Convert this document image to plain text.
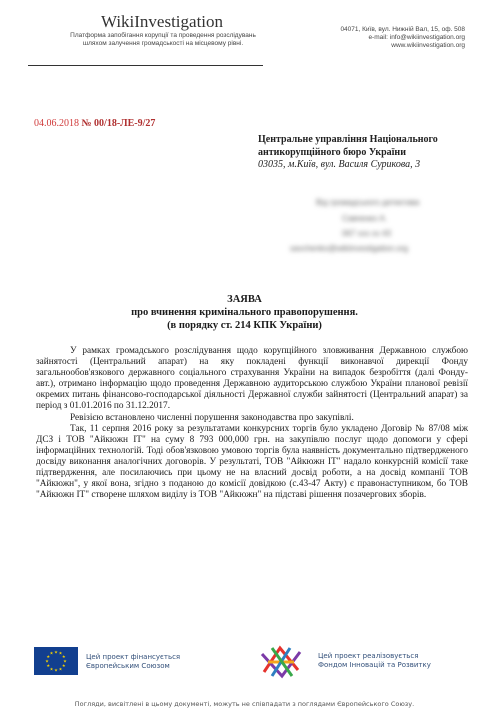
WikiInvestigation
Платформа запобігання корупції та проведення розслідувань
шляхом залучення громадськості на місцевому рівні.
04071, Київ, вул. Нижній Вал, 15, оф. 508
e-mail: info@wikiinvestigation.org
www.wikiinvestigation.org
04.06.2018 № 00/18-ЛЕ-9/27
Центральне управління Національного
антикорупційного бюро України
03035, м.Київ, вул. Василя Сурикова, 3
Від громадського детектива
Савченко А.
067 xxx xx 43
savchenko@wikiinvestigation.org
ЗАЯВА
про вчинення кримінального правопорушення.
(в порядку ст. 214 КПК України)

У рамках громадського розслідування щодо корупційного зловживання Державною службою зайнятості (Центральний апарат) на яку покладені функції виконавчої дирекції Фонду загальнообов'язкового державного соціального страхування України на випадок безробіття (далі Фонду-авт.), отримано інформацію щодо проведення Державною аудиторською службою України планової ревізії окремих питань фінансово-господарської діяльності Державної служби зайнятості (Центральний апарат) за період з 01.01.2016 по 31.12.2017.

Ревізією встановлено численні порушення законодавства про закупівлі.

Так, 11 серпня 2016 року за результатами конкурсних торгів було укладено Договір № 87/08 між ДСЗ і ТОВ "Айкюжн ІТ" на суму 8 793 000,000 грн. на закупівлю послуг щодо допомоги у сфері інформаційних технологій. Тоді обов'язковою умовою торгів була наявність документально підтвердженого досвіду виконання аналогічних договорів. У результаті, ТОВ "Айкюжн ІТ" надало конкурсній комісії таке підтвердження, але посилаючись при цьому не на власний досвід роботи, а на досвід компанії ТОВ "Айкюжн", у якої вона, згідно з поданою до комісії довідкою (с.43-47 Акту) є правонаступником, бо ТОВ "Айкюжн ІТ" створене шляхом виділу із ТОВ "Айкюжн" на підставі рішення позачергових зборів.

★ ★
★
★
★
★
★
★
★
★
★
★	Цей проект фінансується
Європейським Союзом
Цей проект реалізовується
Фондом Інновацій та Розвитку
Погляди, висвітлені в цьому документі, можуть не співпадати з поглядами Європейського Союзу.
